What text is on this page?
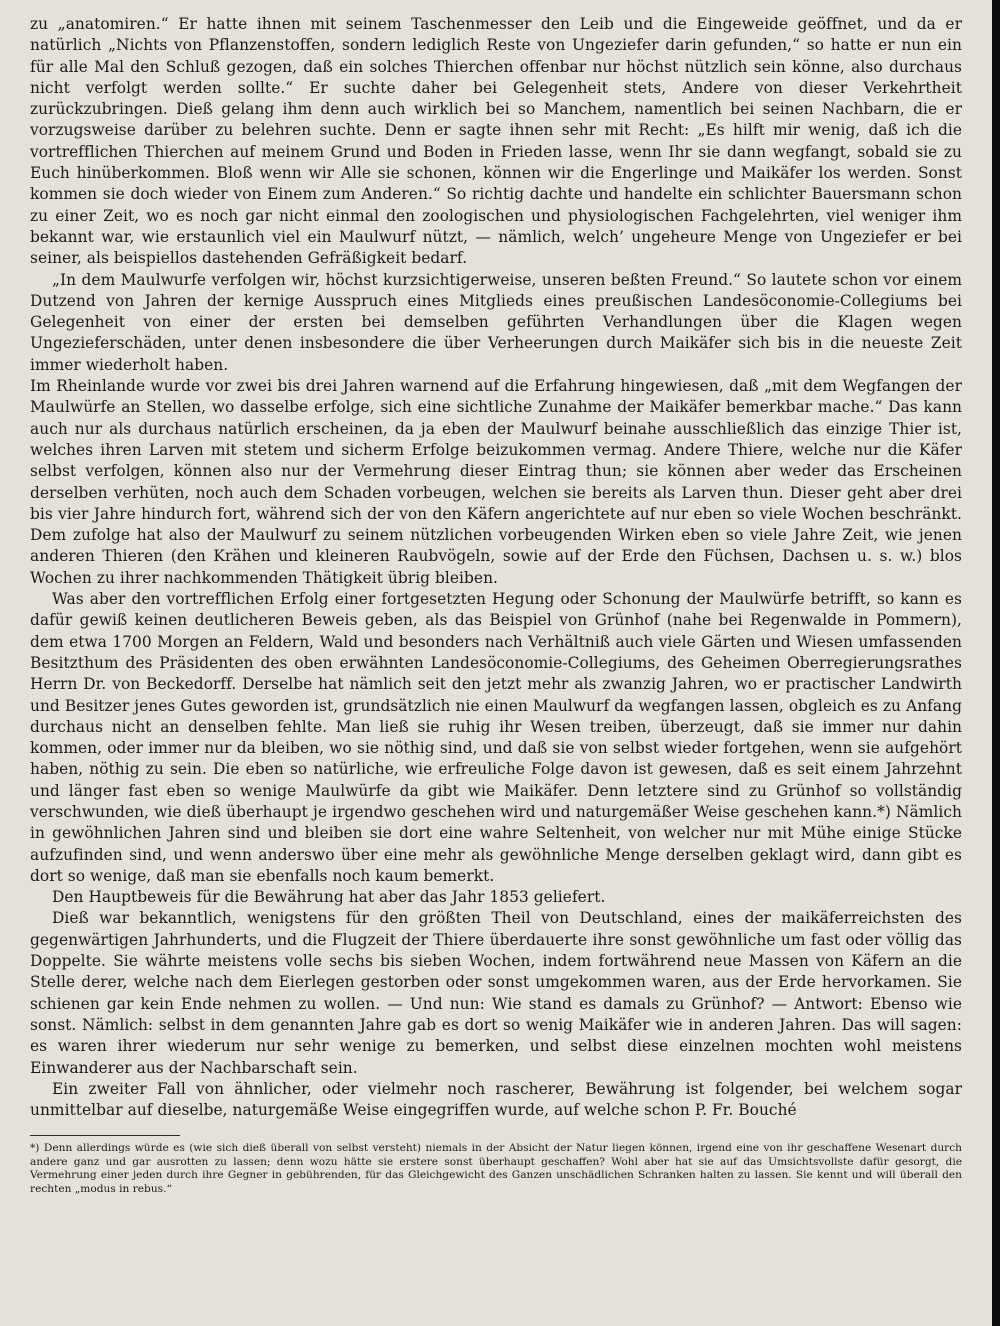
zu „anatomiren.“ Er hatte ihnen mit seinem Taschenmesser den Leib und die Eingeweide geöffnet, und da er natürlich „Nichts von Pflanzenstoffen, sondern lediglich Reste von Ungeziefer darin gefunden,“ so hatte er nun ein für alle Mal den Schluß gezogen, daß ein solches Thierchen offenbar nur höchst nützlich sein könne, also durchaus nicht verfolgt werden sollte.“ Er suchte daher bei Gelegenheit stets, Andere von dieser Verkehrtheit zurückzubringen. Dieß gelang ihm denn auch wirklich bei so Manchem, namentlich bei seinen Nachbarn, die er vorzugsweise darüber zu belehren suchte. Denn er sagte ihnen sehr mit Recht: „Es hilft mir wenig, daß ich die vortrefflichen Thierchen auf meinem Grund und Boden in Frieden lasse, wenn Ihr sie dann wegfangt, sobald sie zu Euch hinüberkommen. Bloß wenn wir Alle sie schonen, können wir die Engerlinge und Maikäfer los werden. Sonst kommen sie doch wieder von Einem zum Anderen.“ So richtig dachte und handelte ein schlichter Bauersmann schon zu einer Zeit, wo es noch gar nicht einmal den zoologischen und physiologischen Fachgelehrten, viel weniger ihm bekannt war, wie erstaunlich viel ein Maulwurf nützt, — nämlich, welch’ ungeheure Menge von Ungeziefer er bei seiner, als beispiellos dastehenden Gefräßigkeit bedarf.

„In dem Maulwurfe verfolgen wir, höchst kurzsichtigerweise, unseren beßten Freund.“ So lautete schon vor einem Dutzend von Jahren der kernige Ausspruch eines Mitglieds eines preußischen Landesöconomie-Collegiums bei Gelegenheit von einer der ersten bei demselben geführten Verhandlungen über die Klagen wegen Ungezieferschäden, unter denen insbesondere die über Verheerungen durch Maikäfer sich bis in die neueste Zeit immer wiederholt haben.

Im Rheinlande wurde vor zwei bis drei Jahren warnend auf die Erfahrung hingewiesen, daß „mit dem Wegfangen der Maulwürfe an Stellen, wo dasselbe erfolge, sich eine sichtliche Zunahme der Maikäfer bemerkbar mache.“ Das kann auch nur als durchaus natürlich erscheinen, da ja eben der Maulwurf beinahe ausschließlich das einzige Thier ist, welches ihren Larven mit stetem und sicherm Erfolge beizukommen vermag. Andere Thiere, welche nur die Käfer selbst verfolgen, können also nur der Vermehrung dieser Eintrag thun; sie können aber weder das Erscheinen derselben verhüten, noch auch dem Schaden vorbeugen, welchen sie bereits als Larven thun. Dieser geht aber drei bis vier Jahre hindurch fort, während sich der von den Käfern angerichtete auf nur eben so viele Wochen beschränkt. Dem zufolge hat also der Maulwurf zu seinem nützlichen vorbeugenden Wirken eben so viele Jahre Zeit, wie jenen anderen Thieren (den Krähen und kleineren Raubvögeln, sowie auf der Erde den Füchsen, Dachsen u. s. w.) blos Wochen zu ihrer nachkommenden Thätigkeit übrig bleiben.

Was aber den vortrefflichen Erfolg einer fortgesetzten Hegung oder Schonung der Maulwürfe betrifft, so kann es dafür gewiß keinen deutlicheren Beweis geben, als das Beispiel von Grünhof (nahe bei Regenwalde in Pommern), dem etwa 1700 Morgen an Feldern, Wald und besonders nach Verhältniß auch viele Gärten und Wiesen umfassenden Besitzthum des Präsidenten des oben erwähnten Landesöconomie-Collegiums, des Geheimen Oberregierungsrathes Herrn Dr. von Beckedorff. Derselbe hat nämlich seit den jetzt mehr als zwanzig Jahren, wo er practischer Landwirth und Besitzer jenes Gutes geworden ist, grundsätzlich nie einen Maulwurf da wegfangen lassen, obgleich es zu Anfang durchaus nicht an denselben fehlte. Man ließ sie ruhig ihr Wesen treiben, überzeugt, daß sie immer nur dahin kommen, oder immer nur da bleiben, wo sie nöthig sind, und daß sie von selbst wieder fortgehen, wenn sie aufgehört haben, nöthig zu sein. Die eben so natürliche, wie erfreuliche Folge davon ist gewesen, daß es seit einem Jahrzehnt und länger fast eben so wenige Maulwürfe da gibt wie Maikäfer. Denn letztere sind zu Grünhof so vollständig verschwunden, wie dieß überhaupt je irgendwo geschehen wird und naturgemäßer Weise geschehen kann.*) Nämlich in gewöhnlichen Jahren sind und bleiben sie dort eine wahre Seltenheit, von welcher nur mit Mühe einige Stücke aufzufinden sind, und wenn anderswo über eine mehr als gewöhnliche Menge derselben geklagt wird, dann gibt es dort so wenige, daß man sie ebenfalls noch kaum bemerkt.

Den Hauptbeweis für die Bewährung hat aber das Jahr 1853 geliefert.

Dieß war bekanntlich, wenigstens für den größten Theil von Deutschland, eines der maikäferreichsten des gegenwärtigen Jahrhunderts, und die Flugzeit der Thiere überdauerte ihre sonst gewöhnliche um fast oder völlig das Doppelte. Sie währte meistens volle sechs bis sieben Wochen, indem fortwährend neue Massen von Käfern an die Stelle derer, welche nach dem Eierlegen gestorben oder sonst umgekommen waren, aus der Erde hervorkamen. Sie schienen gar kein Ende nehmen zu wollen. — Und nun: Wie stand es damals zu Grünhof? — Antwort: Ebenso wie sonst. Nämlich: selbst in dem genannten Jahre gab es dort so wenig Maikäfer wie in anderen Jahren. Das will sagen: es waren ihrer wiederum nur sehr wenige zu bemerken, und selbst diese einzelnen mochten wohl meistens Einwanderer aus der Nachbarschaft sein.

Ein zweiter Fall von ähnlicher, oder vielmehr noch rascherer, Bewährung ist folgender, bei welchem sogar unmittelbar auf dieselbe, naturgemäße Weise eingegriffen wurde, auf welche schon P. Fr. Bouché

*) Denn allerdings würde es (wie sich dieß überall von selbst versteht) niemals in der Absicht der Natur liegen können, irgend eine von ihr geschaffene Wesenart durch andere ganz und gar ausrotten zu lassen; denn wozu hätte sie erstere sonst überhaupt geschaffen? Wohl aber hat sie auf das Umsichtsvollste dafür gesorgt, die Vermehrung einer jeden durch ihre Gegner in gebührenden, für das Gleichgewicht des Ganzen unschädlichen Schranken halten zu lassen. Sie kennt und will überall den rechten „modus in rebus.“
